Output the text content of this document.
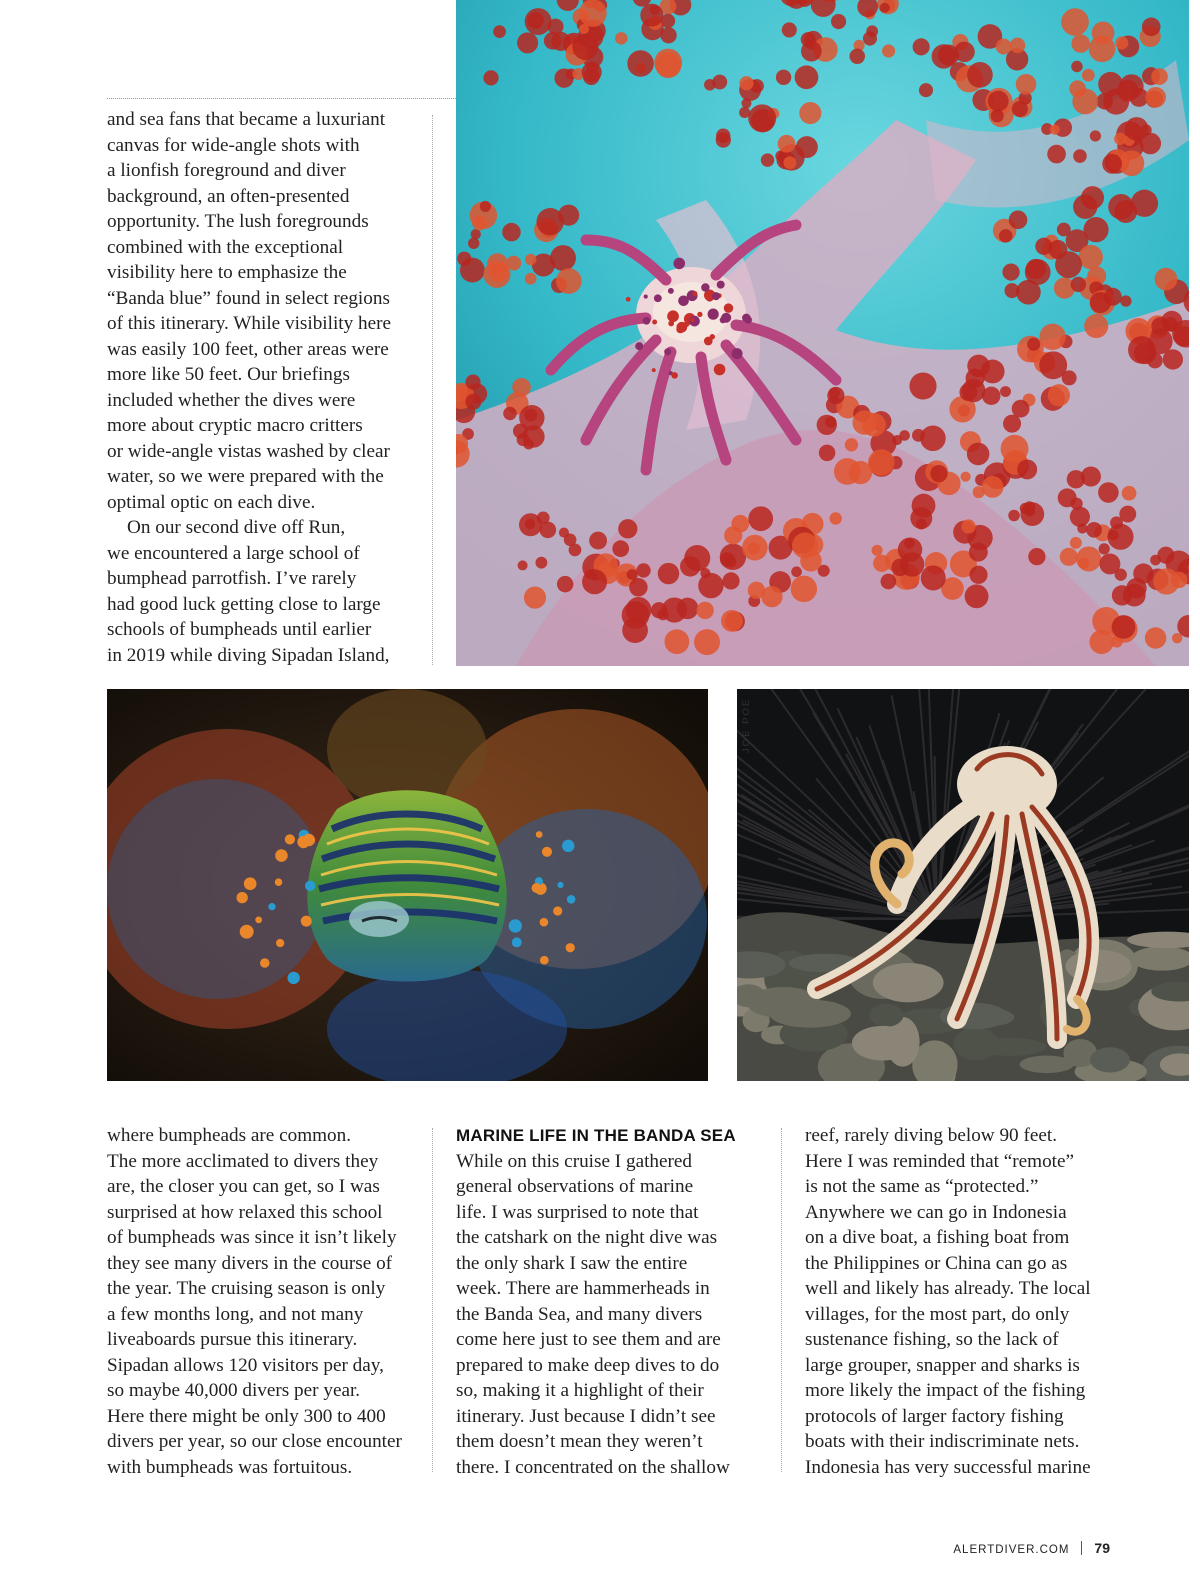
and sea fans that became a luxuriant
canvas for wide-angle shots with
a lionfish foreground and diver
background, an often-presented
opportunity. The lush foregrounds
combined with the exceptional
visibility here to emphasize the
“Banda blue” found in select regions
of this itinerary. While visibility here
was easily 100 feet, other areas were
more like 50 feet. Our briefings
included whether the dives were
more about cryptic macro critters
or wide-angle vistas washed by clear
water, so we were prepared with the
optimal optic on each dive.
On our second dive off Run,
we encountered a large school of
bumphead parrotfish. I’ve rarely
had good luck getting close to large
schools of bumpheads until earlier
in 2019 while diving Sipadan Island,
JOE POE
where bumpheads are common.
The more acclimated to divers they
are, the closer you can get, so I was
surprised at how relaxed this school
of bumpheads was since it isn’t likely
they see many divers in the course of
the year. The cruising season is only
a few months long, and not many
liveaboards pursue this itinerary.
Sipadan allows 120 visitors per day,
so maybe 40,000 divers per year.
Here there might be only 300 to 400
divers per year, so our close encounter
with bumpheads was fortuitous.
MARINE LIFE IN THE BANDA SEA
While on this cruise I gathered
general observations of marine
life. I was surprised to note that
the catshark on the night dive was
the only shark I saw the entire
week. There are hammerheads in
the Banda Sea, and many divers
come here just to see them and are
prepared to make deep dives to do
so, making it a highlight of their
itinerary. Just because I didn’t see
them doesn’t mean they weren’t
there. I concentrated on the shallow
reef, rarely diving below 90 feet.
Here I was reminded that “remote”
is not the same as “protected.”
Anywhere we can go in Indonesia
on a dive boat, a fishing boat from
the Philippines or China can go as
well and likely has already. The local
villages, for the most part, do only
sustenance fishing, so the lack of
large grouper, snapper and sharks is
more likely the impact of the fishing
protocols of larger factory fishing
boats with their indiscriminate nets.
Indonesia has very successful marine
ALERTDIVER.COM 79
